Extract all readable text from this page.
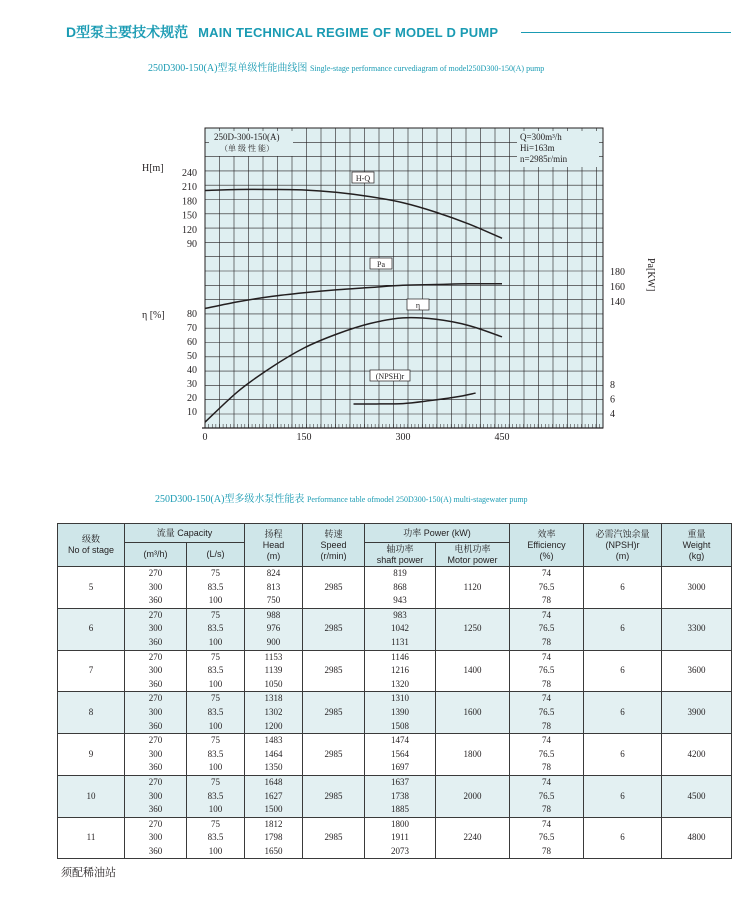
D型泵主要技术规范 MAIN TECHNICAL REGIME OF MODEL D PUMP
250D300-150(A)型泵单级性能曲线图 Single-stage performance curvediagram of model250D300-150(A) pump
0	150	300	450
240
210
180
150
120
90
80
70
60
50
40
30
20
10
H[m]
η [%]
180
160
140
8
6
4
Pa[KW]
250D-300-150(A)
（单 级 性 能）
Q=300m³/h
Hi=163m
n=2985r/min
H-Q
Pa
η
(NPSH)r
250D300-150(A)型多级水泵性能表 Performance table ofmodel 250D300-150(A) multi-stagewater pump
级数
No of stage	流量 Capacity		扬程
Head
(m)	转速
Speed
(r/min)	功率 Power (kW)		效率
Efficiency
(%)	必需汽蚀余量
(NPSH)r
(m)	重量
Weight
(kg)

	(m³/h)	(L/s)			轴功率
shaft power	电机功率
Motor power			

5	270
300
360	75
83.5
100	824
813
750	2985	819
868
943	1120	74
76.5
78	6	3000
6	270
300
360	75
83.5
100	988
976
900	2985	983
1042
1131	1250	74
76.5
78	6	3300
7	270
300
360	75
83.5
100	1153
1139
1050	2985	1146
1216
1320	1400	74
76.5
78	6	3600
8	270
300
360	75
83.5
100	1318
1302
1200	2985	1310
1390
1508	1600	74
76.5
78	6	3900
9	270
300
360	75
83.5
100	1483
1464
1350	2985	1474
1564
1697	1800	74
76.5
78	6	4200
10	270
300
360	75
83.5
100	1648
1627
1500	2985	1637
1738
1885	2000	74
76.5
78	6	4500
11	270
300
360	75
83.5
100	1812
1798
1650	2985	1800
1911
2073	2240	74
76.5
78	6	4800
须配稀油站
